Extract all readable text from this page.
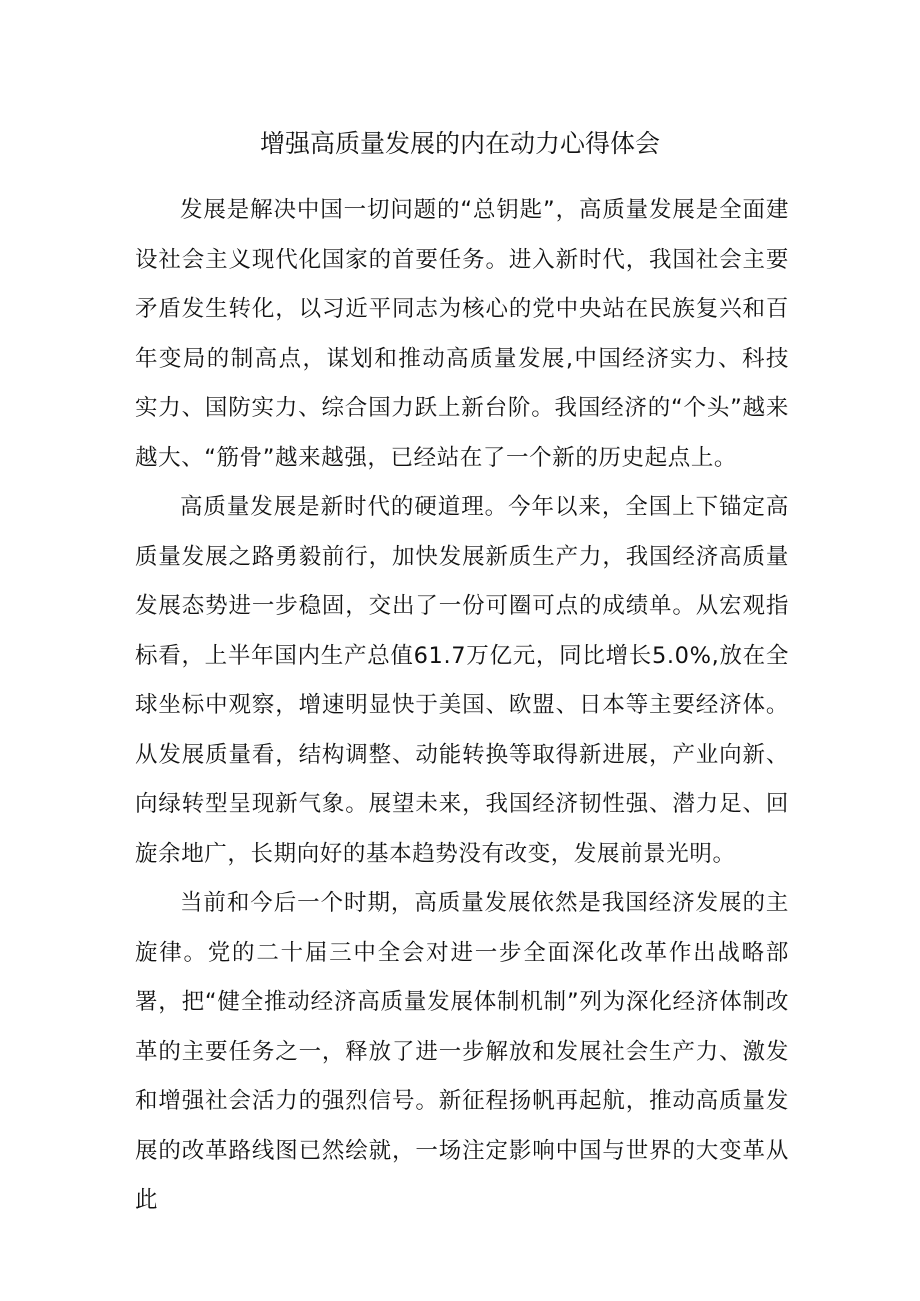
增强高质量发展的内在动力心得体会

发展是解决中国一切问题的“总钥匙”，高质量发展是全面建设社会主义现代化国家的首要任务。进入新时代，我国社会主要矛盾发生转化，以习近平同志为核心的党中央站在民族复兴和百年变局的制高点，谋划和推动高质量发展,中国经济实力、科技实力、国防实力、综合国力跃上新台阶。我国经济的“个头”越来越大、“筋骨”越来越强，已经站在了一个新的历史起点上。

高质量发展是新时代的硬道理。今年以来，全国上下锚定高质量发展之路勇毅前行，加快发展新质生产力，我国经济高质量发展态势进一步稳固，交出了一份可圈可点的成绩单。从宏观指标看，上半年国内生产总值61.7万亿元，同比增长5.0%,放在全球坐标中观察，增速明显快于美国、欧盟、日本等主要经济体。从发展质量看，结构调整、动能转换等取得新进展，产业向新、向绿转型呈现新气象。展望未来，我国经济韧性强、潜力足、回旋余地广，长期向好的基本趋势没有改变，发展前景光明。

当前和今后一个时期，高质量发展依然是我国经济发展的主旋律。党的二十届三中全会对进一步全面深化改革作出战略部署，把“健全推动经济高质量发展体制机制”列为深化经济体制改革的主要任务之一，释放了进一步解放和发展社会生产力、激发和增强社会活力的强烈信号。新征程扬帆再起航，推动高质量发展的改革路线图已然绘就，一场注定影响中国与世界的大变革从此
